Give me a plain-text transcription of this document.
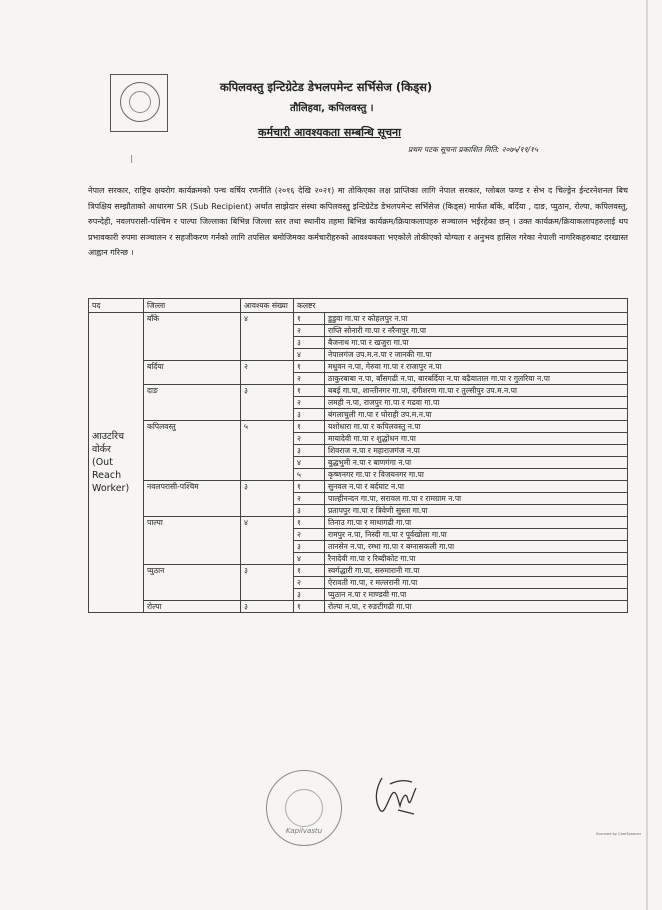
कपिलवस्तु इन्टिग्रेटेड डेभलपमेन्ट सर्भिसेज (किड्स)
तौलिहवा, कपिलवस्तु ।
कर्मचारी आवश्यकता सम्बन्धि सूचना
प्रथम पटक सूचना प्रकाशित मिति: २०७५/११/१५
|
नेपाल सरकार, राष्ट्रिय क्षयरोग कार्यक्रमको पन्च वर्षिय रणनीति (२०१६ देखि २०२१) मा तोकिएका लक्ष प्राप्तिका लागि नेपाल सरकार, ग्लोबल फण्ड र सेभ द चिल्ड्रेन ईन्टरनेशनल बिच त्रिपक्षिय सम्झौताको आधारमा SR (Sub Recipient) अर्थात साझेदार संस्था कपिलवस्तु इन्टिग्रेटेड डेभलपमेन्ट सर्भिसेज (किड्स) मार्फत बाँके, बर्दिया , दाङ, प्युठान, रोल्पा, कपिलवस्तु, रुपन्देही, नवलपरासी-पश्चिम र पाल्पा जिल्लाका बिभिन्न जिल्ला स्तर तथा स्थानीय तहमा बिभिन्न कार्यक्रम/क्रियाकलापहरु सञ्चालन भईरहेका छन् । उक्त कार्यक्रम/क्रियाकलापहरुलाई थप प्रभावकारी रुपमा सञ्चालन र सहजीकरण गर्नको लागि तपसिल बमोजिमका कर्मचारीहरुको आवश्यकता भएकोले तोकीएको योग्यता र अनुभव हासिल गरेका नेपाली नागरिकहरुबाट दरखास्त आह्वान गरिन्छ ।
पद	जिल्ला	आवश्यक संख्या	कलष्टर	

आउटरिच
वोर्कर
(Out
Reach
Worker)	बाँके	४	१	डुडुवा गा.पा र कोहलपुर न.पा
			२	राप्ति सोनारी गा.पा र नरैनापुर गा.पा
			३	बैजनाथ गा.पा र खजुरा गा.पा
			४	नेपालगंज उप.म.न.पा र जानकी गा.पा
	बर्दिया	२	१	मधुवन न.पा, गेरुवा गा.पा र राजापुर न.पा
			२	ठाकुरबाबा न.पा, बाँसगढी न.पा, बारबर्दिया न.पा बढैयाताल गा.पा र गुलरिया न.पा
	दाङ	३	१	बबई गा.पा, शान्तीनगर गा.पा, दंगीशरण गा.पा र तुल्सीपुर उप.म.न.पा
			२	लमही न.पा, राजपुर गा.पा र गढवा गा.पा
			३	बंगलाचुली गा.पा र घोराही उप.म.न.पा
	कपिलवस्तु	५	१	यशोधारा गा.पा र कपिलवस्तु न.पा
			२	मायादेवी गा.पा र शुद्धोधन गा.पा
			३	शिवराज न.पा र महाराजगंज न.पा
			४	बुद्धभुमी न.पा र बाणगंगा न.पा
			५	कृष्णनगर गा.पा र विजयनगर गा.पा
	नवलपरासी-पश्चिम	३	१	सुनवल न.पा र बर्दघाट न.पा
			२	पाल्हीनन्दन गा.पा, सरावल गा.पा र रामग्राम न.पा
			३	प्रतापपुर गा.पा र त्रिवेणी सुस्ता गा.पा
	पाल्पा	४	१	तिनाउ गा.पा र माथागढी गा.पा
			२	रामपुर न.पा, निस्दी गा.पा र पूर्वखोला गा.पा
			३	तानसेन न.पा, रम्भा गा.पा र बग्नासकली गा.पा
			४	रैनादेवी गा.पा र रिब्दीकोट गा.पा
	प्युठान	३	१	स्वर्गद्धारी गा.पा, सरुमारानी गा.पा
			२	ऐरावती गा.पा, र मल्लरानी गा.पा
			३	प्युठान न.पा र माण्डवी गा.पा
	रोल्पा	३	१	रोल्पा न.पा, र रुङटीगढी गा.पा
Kapilvastu	Scanned by CamScanner
